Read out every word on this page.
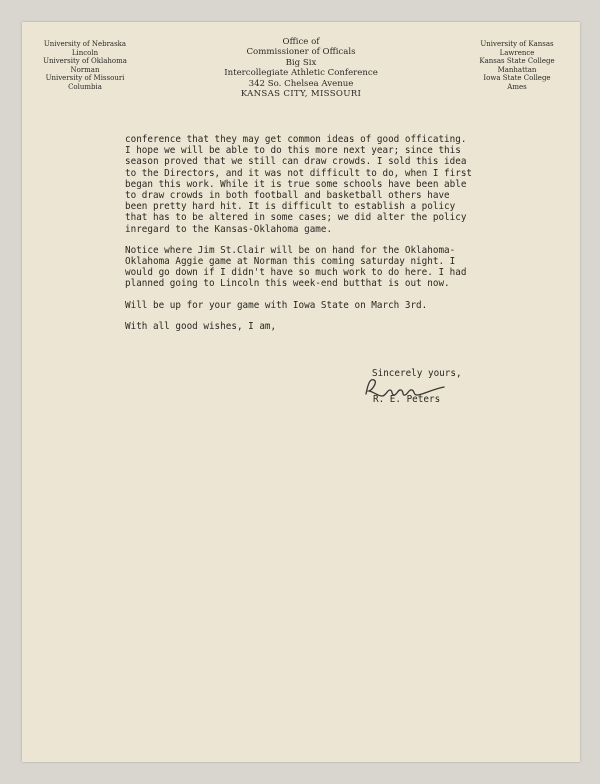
University of Nebraska
Lincoln
University of Oklahoma
Norman
University of Missouri
Columbia
Office of
Commissioner of Officals
Big Six
Intercollegiate Athletic Conference
342 So. Chelsea Avenue
KANSAS CITY, MISSOURI
University of Kansas
Lawrence
Kansas State College
Manhattan
Iowa State College
Ames
conference that they may get common ideas of good officating.
I hope we will be able to do this more next year; since this
season proved that we still can draw crowds. I sold this idea
to the Directors, and it was not difficult to do, when I first
began this work. While it is true some schools have been able
to draw crowds in both football and basketball others have
been pretty hard hit. It is difficult to establish a policy
that has to be altered in some cases; we did alter the policy
inregard to the Kansas-Oklahoma game.
Notice where Jim St.Clair will be on hand for the Oklahoma-
Oklahoma Aggie game at Norman this coming saturday night. I
would go down if I didn't have so much work to do here. I had
planned going to Lincoln this week-end butthat is out now.
Will be up for your game with Iowa State on March 3rd.
With all good wishes, I am,
Sincerely yours,
R. E. Peters
